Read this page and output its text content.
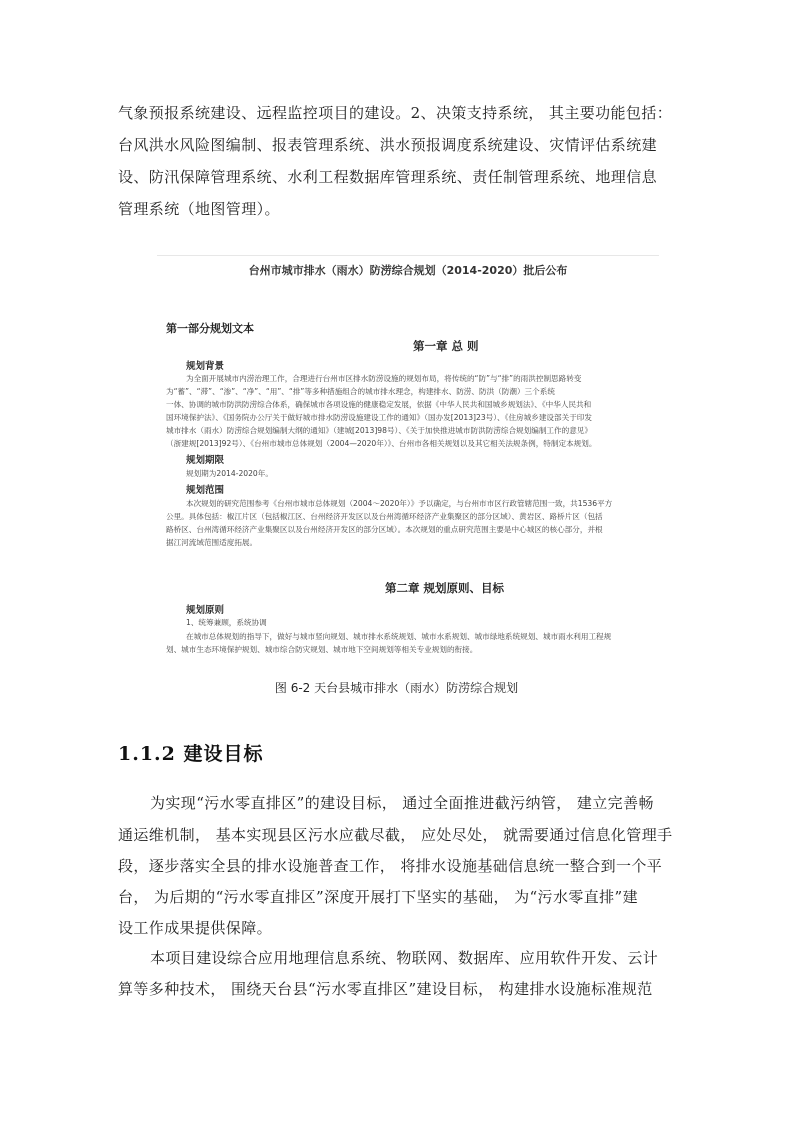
气象预报系统建设、远程监控项目的建设。2、决策支持系统， 其主要功能包括：
台风洪水风险图编制、报表管理系统、洪水预报调度系统建设、灾情评估系统建
设、防汛保障管理系统、水利工程数据库管理系统、责任制管理系统、地理信息
管理系统（地图管理）。
台州市城市排水（雨水）防涝综合规划（2014-2020）批后公布
第一部分规划文本
第一章 总 则
规划背景
为全面开展城市内涝治理工作，合理进行台州市区排水防涝设施的规划布局，将传统的“防”与“排”的雨洪控制思路转变
为“蓄”、“滞”、“渗”、“净”、“用”、“排”等多种措施组合的城市排水理念，构建排水、防涝、防洪（防潮）三个系统
一体、协调的城市防洪防涝综合体系，确保城市各项设施的健康稳定发展，依据《中华人民共和国城乡规划法》、《中华人民共和
国环境保护法》、《国务院办公厅关于做好城市排水防涝设施建设工作的通知》（国办发[2013]23号）、《住房城乡建设部关于印发
城市排水（雨水）防涝综合规划编制大纲的通知》（建城[2013]98号）、《关于加快推进城市防洪防涝综合规划编制工作的意见》
（浙建规[2013]92号）、《台州市城市总体规划（2004—2020年）》、台州市各相关规划以及其它相关法规条例，特制定本规划。
规划期限
规划期为2014-2020年。
规划范围
本次规划的研究范围参考《台州市城市总体规划（2004～2020年）》予以确定，与台州市市区行政管辖范围一致，共1536平方
公里。具体包括：椒江片区（包括椒江区、台州经济开发区以及台州湾循环经济产业集聚区的部分区域）、黄岩区、路桥片区（包括
路桥区、台州湾循环经济产业集聚区以及台州经济开发区的部分区域）。本次规划的重点研究范围主要是中心城区的核心部分，并根
据江河流域范围适度拓展。
第二章 规划原则、目标
规划原则
1、统筹兼顾，系统协调
在城市总体规划的指导下，做好与城市竖向规划、城市排水系统规划、城市水系规划、城市绿地系统规划、城市雨水利用工程规
划、城市生态环境保护规划、城市综合防灾规划、城市地下空间规划等相关专业规划的衔接。
图 6-2 天台县城市排水（雨水）防涝综合规划
1.1.2 建设目标
为实现“污水零直排区”的建设目标， 通过全面推进截污纳管， 建立完善畅
通运维机制， 基本实现县区污水应截尽截， 应处尽处， 就需要通过信息化管理手
段，逐步落实全县的排水设施普查工作， 将排水设施基础信息统一整合到一个平
台， 为后期的“污水零直排区”深度开展打下坚实的基础， 为“污水零直排”建
设工作成果提供保障。
本项目建设综合应用地理信息系统、物联网、数据库、应用软件开发、云计
算等多种技术， 围绕天台县“污水零直排区”建设目标， 构建排水设施标准规范
